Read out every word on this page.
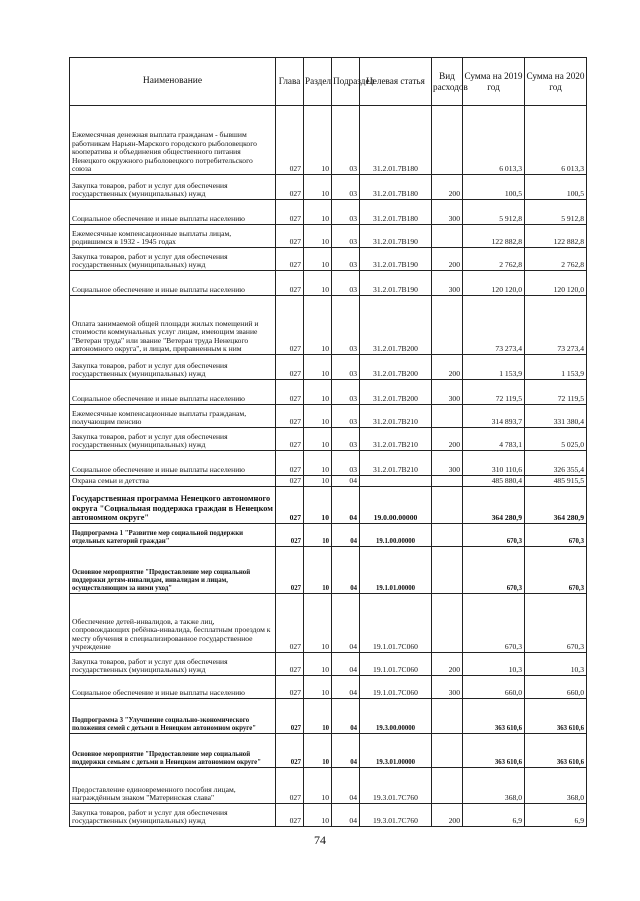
Наименование	Глава	Раздел	Подраздел	Целевая статья	Вид расходов	Сумма на 2019 год	Сумма на 2020 год
Ежемесячная денежная выплата гражданам - бывшим работникам Нарьян-Марского городского рыболовецкого кооператива и объединения общественного питания Ненецкого окружного рыболовецкого потребительского союза	027	10	03	31.2.01.7В180		6 013,3	6 013,3
Закупка товаров, работ и услуг для обеспечения государственных (муниципальных) нужд	027	10	03	31.2.01.7В180	200	100,5	100,5
Социальное обеспечение и иные выплаты населению	027	10	03	31.2.01.7В180	300	5 912,8	5 912,8
Ежемесячные компенсационные выплаты лицам, родившимся в 1932 - 1945 годах	027	10	03	31.2.01.7В190		122 882,8	122 882,8
Закупка товаров, работ и услуг для обеспечения государственных (муниципальных) нужд	027	10	03	31.2.01.7В190	200	2 762,8	2 762,8
Социальное обеспечение и иные выплаты населению	027	10	03	31.2.01.7В190	300	120 120,0	120 120,0
Оплата занимаемой общей площади жилых помещений и стоимости коммунальных услуг лицам, имеющим звание "Ветеран труда" или звание "Ветеран труда Ненецкого автономного округа", и лицам, приравненным к ним	027	10	03	31.2.01.7В200		73 273,4	73 273,4
Закупка товаров, работ и услуг для обеспечения государственных (муниципальных) нужд	027	10	03	31.2.01.7В200	200	1 153,9	1 153,9
Социальное обеспечение и иные выплаты населению	027	10	03	31.2.01.7В200	300	72 119,5	72 119,5
Ежемесячные компенсационные выплаты гражданам, получающим пенсию	027	10	03	31.2.01.7В210		314 893,7	331 380,4
Закупка товаров, работ и услуг для обеспечения государственных (муниципальных) нужд	027	10	03	31.2.01.7В210	200	4 783,1	5 025,0
Социальное обеспечение и иные выплаты населению	027	10	03	31.2.01.7В210	300	310 110,6	326 355,4
Охрана семьи и детства	027	10	04			485 880,4	485 915,5
Государственная программа Ненецкого автономного округа "Социальная поддержка граждан в Ненецком автономном округе"	027	10	04	19.0.00.00000		364 280,9	364 280,9
Подпрограмма 1 "Развитие мер социальной поддержки отдельных категорий граждан"	027	10	04	19.1.00.00000		670,3	670,3
Основное мероприятие "Предоставление мер социальной поддержки детям-инвалидам, инвалидам и лицам, осуществляющим за ними уход"	027	10	04	19.1.01.00000		670,3	670,3
Обеспечение детей-инвалидов, а также лиц, сопровождающих ребёнка-инвалида, бесплатным проездом к месту обучения в специализированное государственное учреждение	027	10	04	19.1.01.7С060		670,3	670,3
Закупка товаров, работ и услуг для обеспечения государственных (муниципальных) нужд	027	10	04	19.1.01.7С060	200	10,3	10,3
Социальное обеспечение и иные выплаты населению	027	10	04	19.1.01.7С060	300	660,0	660,0
Подпрограмма 3 "Улучшение социально-экономического положения семей с детьми в Ненецком автономном округе"	027	10	04	19.3.00.00000		363 610,6	363 610,6
Основное мероприятие "Предоставление мер социальной поддержки семьям с детьми в Ненецком автономном округе"	027	10	04	19.3.01.00000		363 610,6	363 610,6
Предоставление единовременного пособия лицам, награждённым знаком "Материнская слава"	027	10	04	19.3.01.7С760		368,0	368,0
Закупка товаров, работ и услуг для обеспечения государственных (муниципальных) нужд	027	10	04	19.3.01.7С760	200	6,9	6,9
74
